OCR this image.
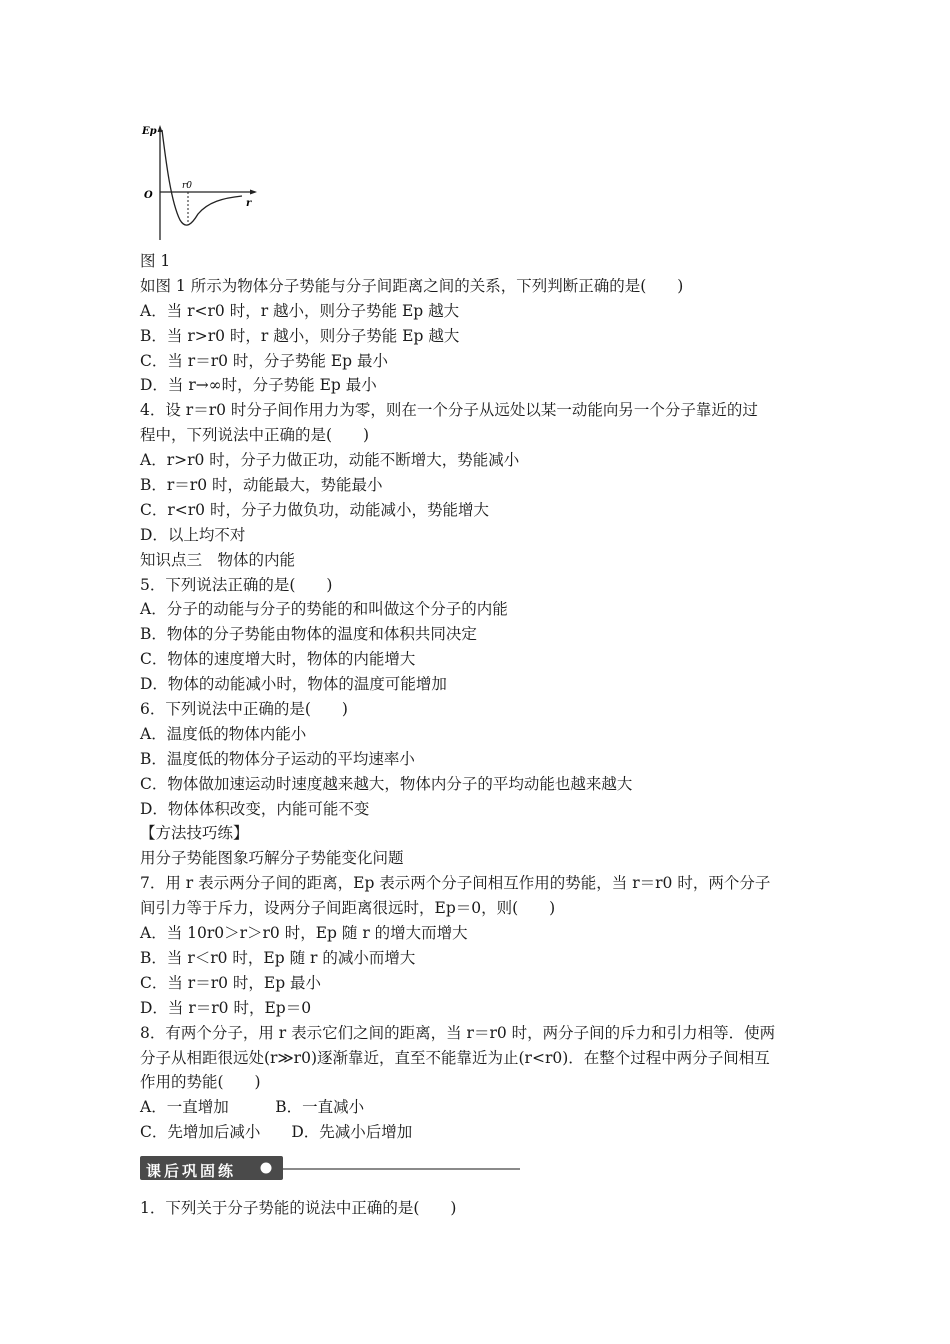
Ep
r
O
r0
图 1
如图 1 所示为物体分子势能与分子间距离之间的关系，下列判断正确的是(　　)
A．当 r<r0 时，r 越小，则分子势能 Ep 越大
B．当 r>r0 时，r 越小，则分子势能 Ep 越大
C．当 r＝r0 时，分子势能 Ep 最小
D．当 r→∞时，分子势能 Ep 最小
4．设 r＝r0 时分子间作用力为零，则在一个分子从远处以某一动能向另一个分子靠近的过
程中，下列说法中正确的是(　　)
A．r>r0 时，分子力做正功，动能不断增大，势能减小
B．r＝r0 时，动能最大，势能最小
C．r<r0 时，分子力做负功，动能减小，势能增大
D．以上均不对
知识点三　物体的内能
5．下列说法正确的是(　　)
A．分子的动能与分子的势能的和叫做这个分子的内能
B．物体的分子势能由物体的温度和体积共同决定
C．物体的速度增大时，物体的内能增大
D．物体的动能减小时，物体的温度可能增加
6．下列说法中正确的是(　　)
A．温度低的物体内能小
B．温度低的物体分子运动的平均速率小
C．物体做加速运动时速度越来越大，物体内分子的平均动能也越来越大
D．物体体积改变，内能可能不变
【方法技巧练】
用分子势能图象巧解分子势能变化问题
7．用 r 表示两分子间的距离，Ep 表示两个分子间相互作用的势能，当 r＝r0 时，两个分子
间引力等于斥力，设两分子间距离很远时，Ep＝0，则(　　)
A．当 10r0＞r＞r0 时，Ep 随 r 的增大而增大
B．当 r＜r0 时，Ep 随 r 的减小而增大
C．当 r＝r0 时，Ep 最小
D．当 r＝r0 时，Ep＝0
8．有两个分子，用 r 表示它们之间的距离，当 r＝r0 时，两分子间的斥力和引力相等．使两
分子从相距很远处(r≫r0)逐渐靠近，直至不能靠近为止(r<r0)．在整个过程中两分子间相互
作用的势能(　　)
A．一直增加　　　B．一直减小
C．先增加后减小　　D．先减小后增加
课后巩固练
1．下列关于分子势能的说法中正确的是(　　)
